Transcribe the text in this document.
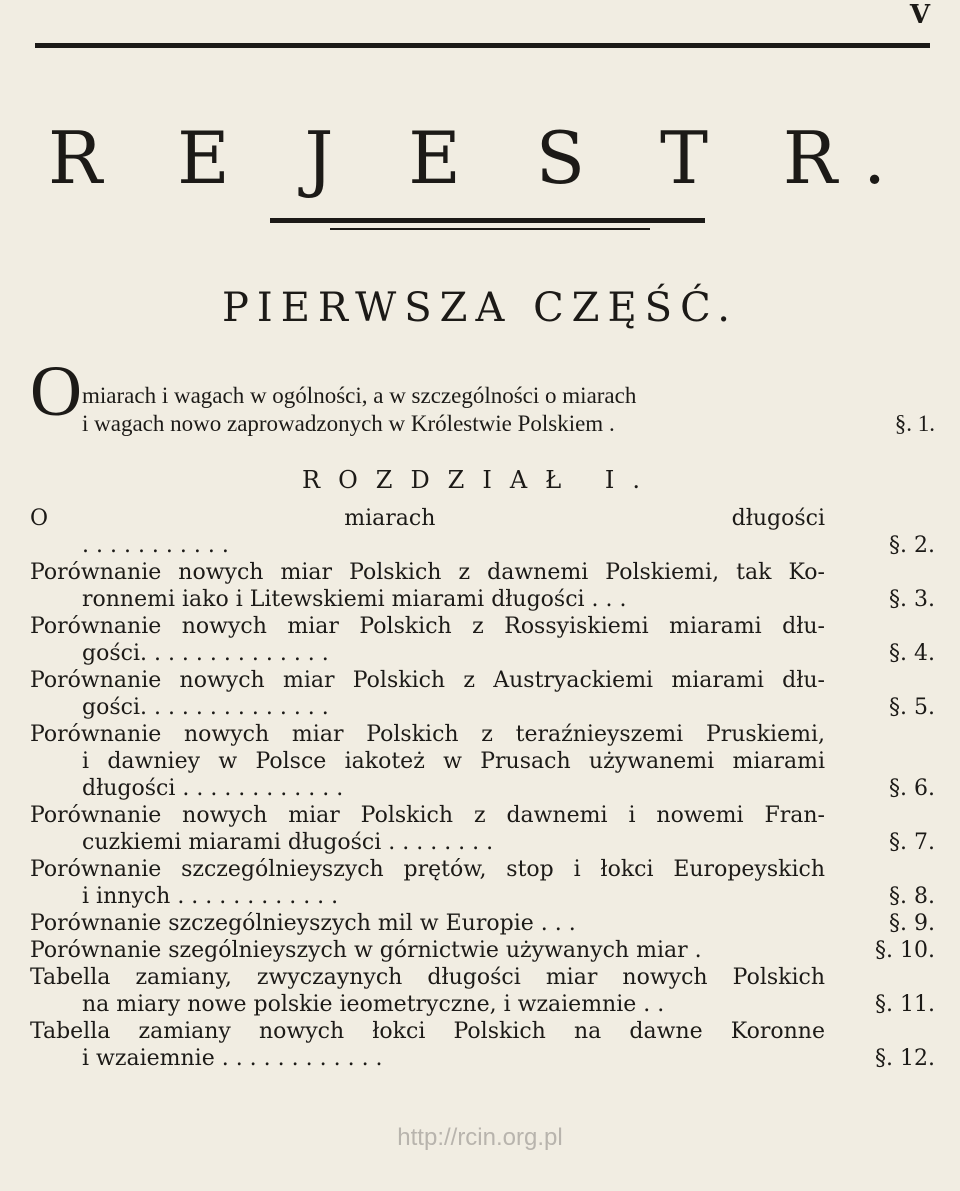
V
R E J E S T R.
PIERWSZA CZĘŚĆ.
O miarach i wagach w ogólności, a w szczególności o miarach
i wagach nowo zaprowadzonych w Królestwie Polskiem .	§. 1.
ROZDZIAŁ I.
O miarach długości
. . . . . . . . . . .	§. 2.
Porównanie nowych miar Polskich z dawnemi Polskiemi, tak Ko-
ronnemi iako i Litewskiemi miarami długości . . .	§. 3.
Porównanie nowych miar Polskich z Rossyiskiemi miarami dłu-
gości. . . . . . . . . . . . . .	§. 4.
Porównanie nowych miar Polskich z Austryackiemi miarami dłu-
gości. . . . . . . . . . . . . .	§. 5.
Porównanie nowych miar Polskich z teraźnieyszemi Pruskiemi,
i dawniey w Polsce iakoteż w Prusach używanemi miarami
długości . . . . . . . . . . . .	§. 6.
Porównanie nowych miar Polskich z dawnemi i nowemi Fran-
cuzkiemi miarami długości . . . . . . . .	§. 7.
Porównanie szczególnieyszych prętów, stop i łokci Europeyskich
i innych . . . . . . . . . . . .	§. 8.
Porównanie szczególnieyszych mil w Europie . . .	§. 9.
Porównanie szególnieyszych w górnictwie używanych miar .	§. 10.
Tabella zamiany, zwyczaynych długości miar nowych Polskich
na miary nowe polskie ieometryczne, i wzaiemnie . .	§. 11.
Tabella zamiany nowych łokci Polskich na dawne Koronne
i wzaiemnie . . . . . . . . . . . .	§. 12.
http://rcin.org.pl
